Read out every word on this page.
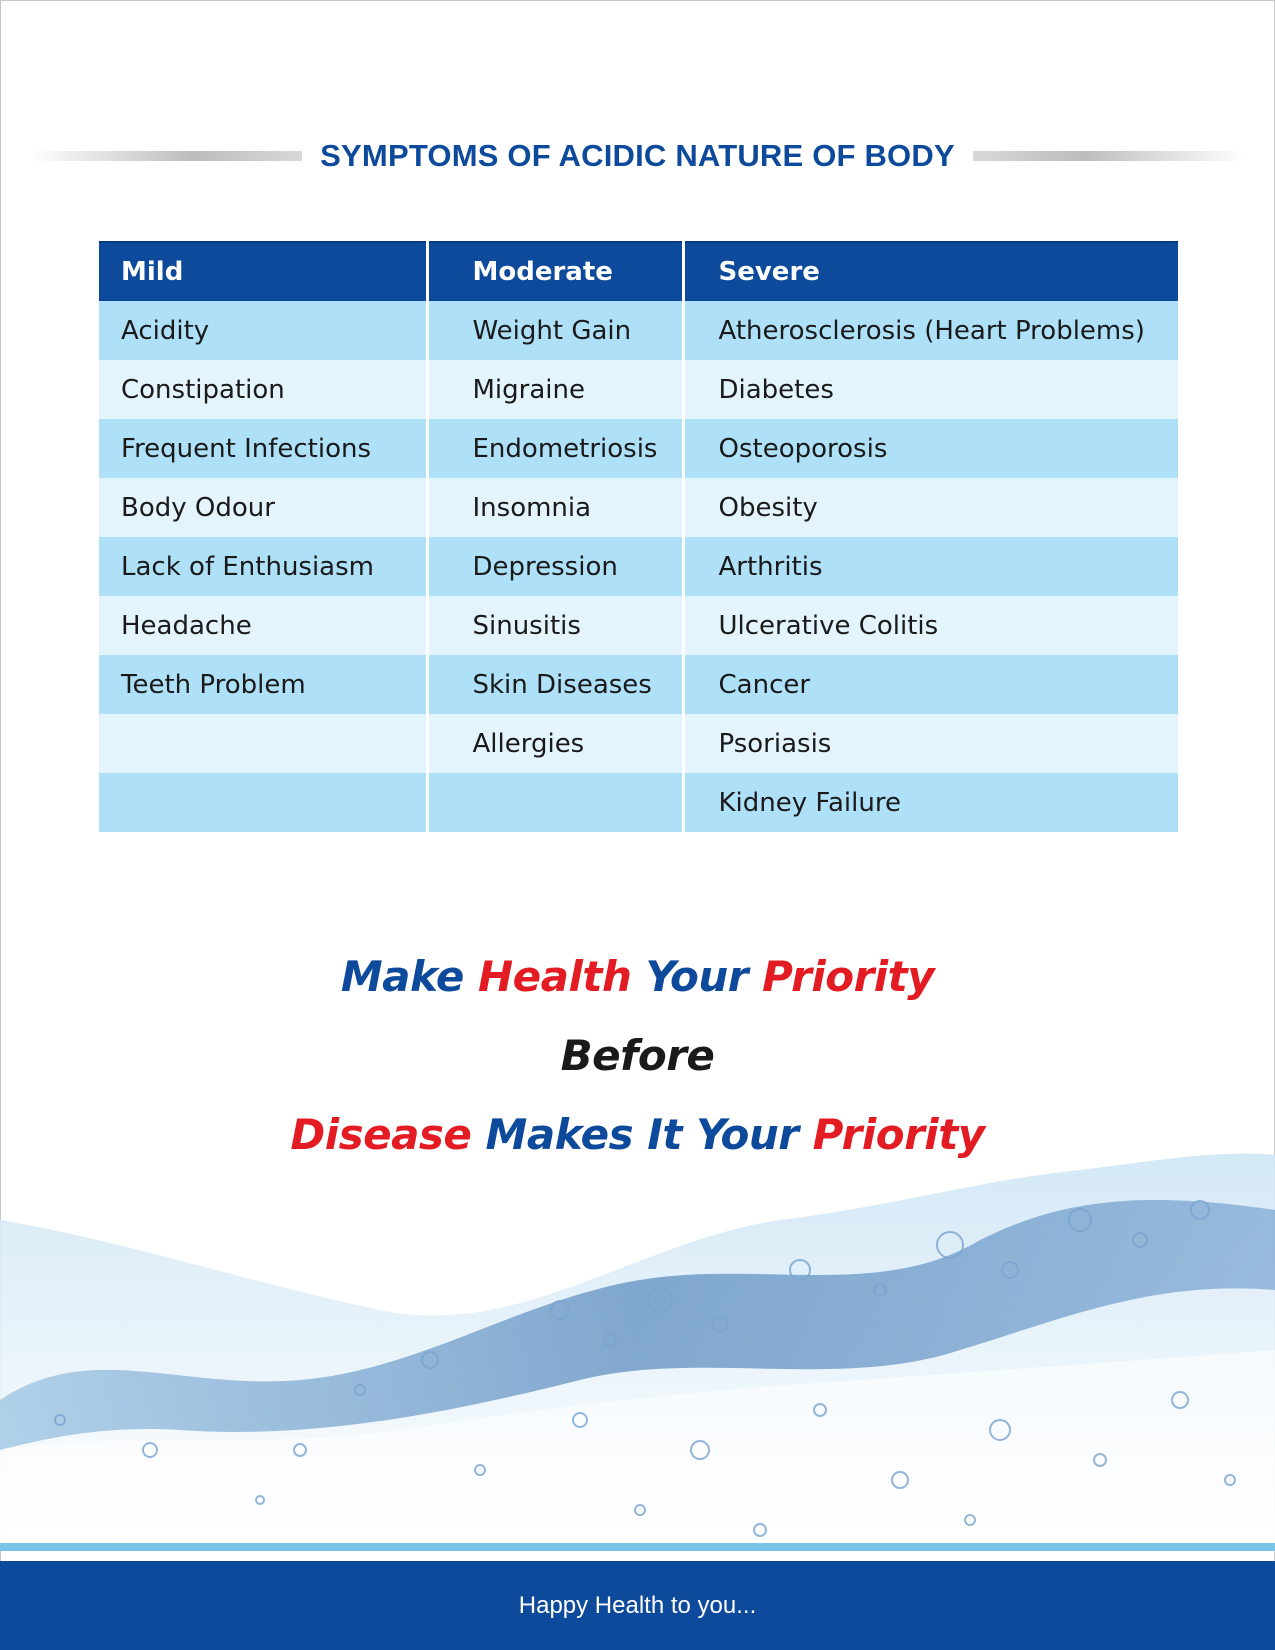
SYMPTOMS OF ACIDIC NATURE OF BODY
Mild	Moderate	Severe
Acidity	Weight Gain	Atherosclerosis (Heart Problems)
Constipation	Migraine	Diabetes
Frequent Infections	Endometriosis	Osteoporosis
Body Odour	Insomnia	Obesity
Lack of Enthusiasm	Depression	Arthritis
Headache	Sinusitis	Ulcerative Colitis
Teeth Problem	Skin Diseases	Cancer
	Allergies	Psoriasis
		Kidney Failure
Make Health Your Priority
Before
Disease Makes It Your Priority
Happy Health to you...
